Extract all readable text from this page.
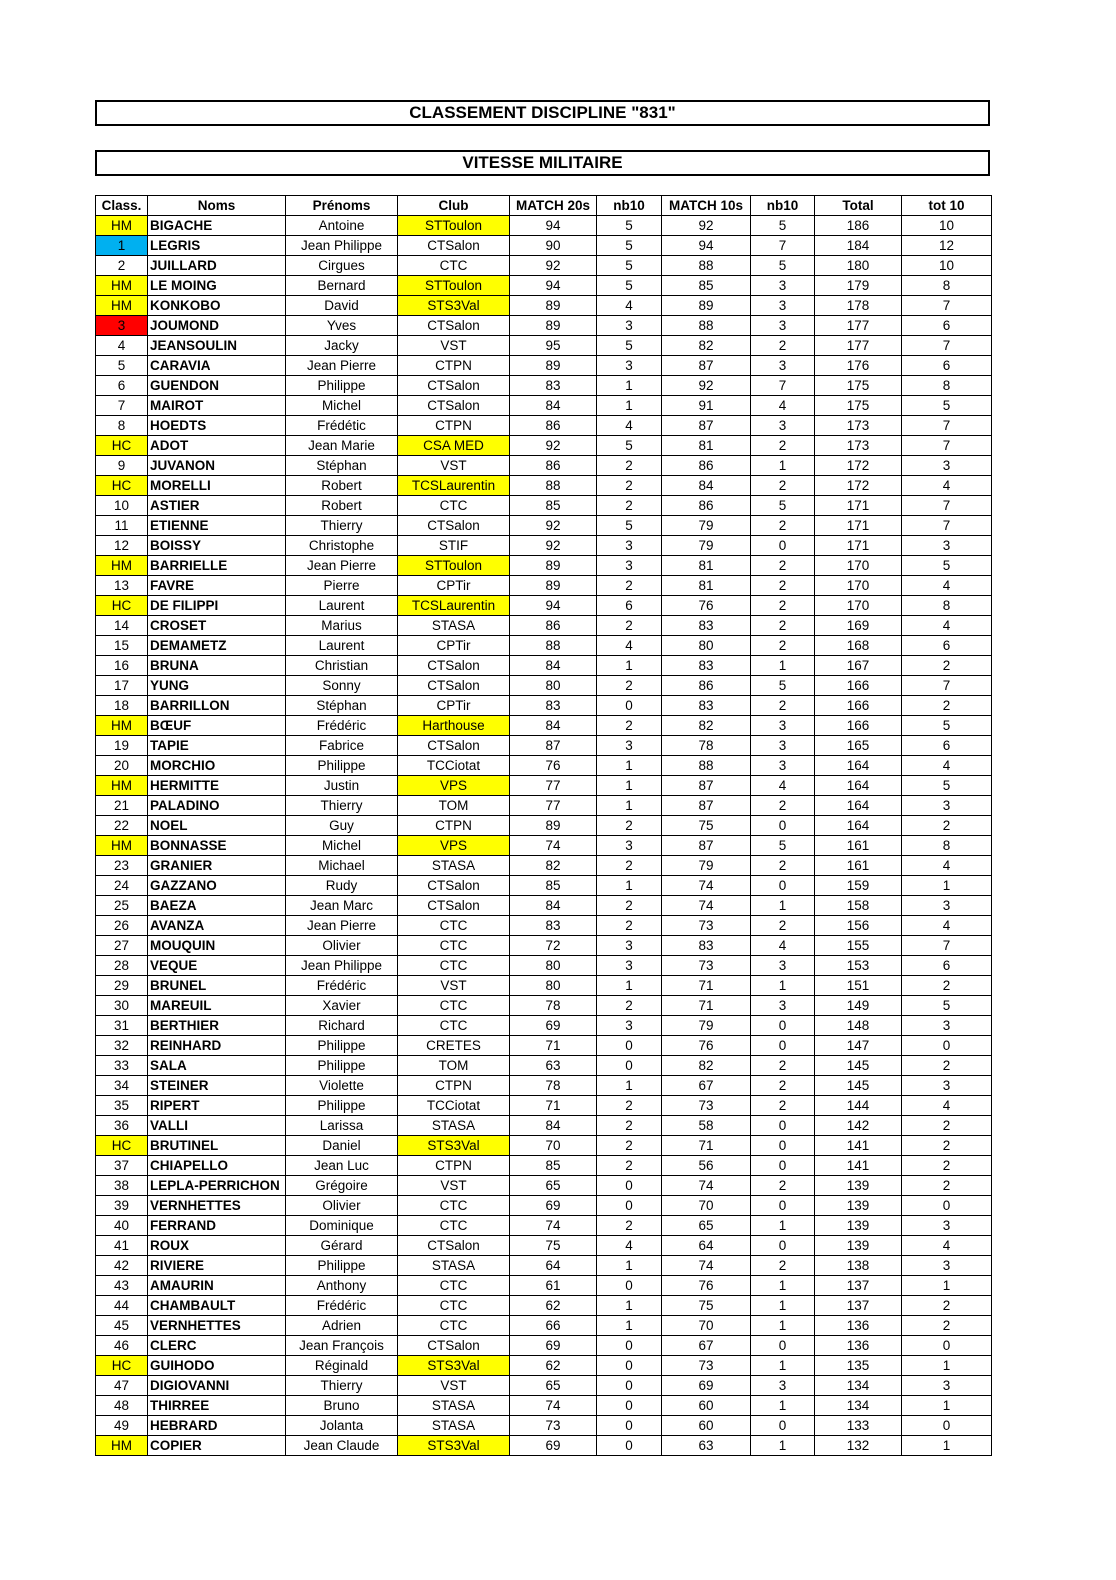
CLASSEMENT DISCIPLINE "831"
VITESSE MILITAIRE
Class.	Noms	Prénoms	Club	MATCH 20s	nb10	MATCH 10s	nb10	Total	tot 10
HM	BIGACHE	Antoine	STToulon	94	5	92	5	186	10
1	LEGRIS	Jean Philippe	CTSalon	90	5	94	7	184	12
2	JUILLARD	Cirgues	CTC	92	5	88	5	180	10
HM	LE MOING	Bernard	STToulon	94	5	85	3	179	8
HM	KONKOBO	David	STS3Val	89	4	89	3	178	7
3	JOUMOND	Yves	CTSalon	89	3	88	3	177	6
4	JEANSOULIN	Jacky	VST	95	5	82	2	177	7
5	CARAVIA	Jean Pierre	CTPN	89	3	87	3	176	6
6	GUENDON	Philippe	CTSalon	83	1	92	7	175	8
7	MAIROT	Michel	CTSalon	84	1	91	4	175	5
8	HOEDTS	Frédétic	CTPN	86	4	87	3	173	7
HC	ADOT	Jean Marie	CSA MED	92	5	81	2	173	7
9	JUVANON	Stéphan	VST	86	2	86	1	172	3
HC	MORELLI	Robert	TCSLaurentin	88	2	84	2	172	4
10	ASTIER	Robert	CTC	85	2	86	5	171	7
11	ETIENNE	Thierry	CTSalon	92	5	79	2	171	7
12	BOISSY	Christophe	STIF	92	3	79	0	171	3
HM	BARRIELLE	Jean Pierre	STToulon	89	3	81	2	170	5
13	FAVRE	Pierre	CPTir	89	2	81	2	170	4
HC	DE FILIPPI	Laurent	TCSLaurentin	94	6	76	2	170	8
14	CROSET	Marius	STASA	86	2	83	2	169	4
15	DEMAMETZ	Laurent	CPTir	88	4	80	2	168	6
16	BRUNA	Christian	CTSalon	84	1	83	1	167	2
17	YUNG	Sonny	CTSalon	80	2	86	5	166	7
18	BARRILLON	Stéphan	CPTir	83	0	83	2	166	2
HM	BŒUF	Frédéric	Harthouse	84	2	82	3	166	5
19	TAPIE	Fabrice	CTSalon	87	3	78	3	165	6
20	MORCHIO	Philippe	TCCiotat	76	1	88	3	164	4
HM	HERMITTE	Justin	VPS	77	1	87	4	164	5
21	PALADINO	Thierry	TOM	77	1	87	2	164	3
22	NOEL	Guy	CTPN	89	2	75	0	164	2
HM	BONNASSE	Michel	VPS	74	3	87	5	161	8
23	GRANIER	Michael	STASA	82	2	79	2	161	4
24	GAZZANO	Rudy	CTSalon	85	1	74	0	159	1
25	BAEZA	Jean Marc	CTSalon	84	2	74	1	158	3
26	AVANZA	Jean Pierre	CTC	83	2	73	2	156	4
27	MOUQUIN	Olivier	CTC	72	3	83	4	155	7
28	VEQUE	Jean Philippe	CTC	80	3	73	3	153	6
29	BRUNEL	Frédéric	VST	80	1	71	1	151	2
30	MAREUIL	Xavier	CTC	78	2	71	3	149	5
31	BERTHIER	Richard	CTC	69	3	79	0	148	3
32	REINHARD	Philippe	CRETES	71	0	76	0	147	0
33	SALA	Philippe	TOM	63	0	82	2	145	2
34	STEINER	Violette	CTPN	78	1	67	2	145	3
35	RIPERT	Philippe	TCCiotat	71	2	73	2	144	4
36	VALLI	Larissa	STASA	84	2	58	0	142	2
HC	BRUTINEL	Daniel	STS3Val	70	2	71	0	141	2
37	CHIAPELLO	Jean Luc	CTPN	85	2	56	0	141	2
38	LEPLA-PERRICHON	Grégoire	VST	65	0	74	2	139	2
39	VERNHETTES	Olivier	CTC	69	0	70	0	139	0
40	FERRAND	Dominique	CTC	74	2	65	1	139	3
41	ROUX	Gérard	CTSalon	75	4	64	0	139	4
42	RIVIERE	Philippe	STASA	64	1	74	2	138	3
43	AMAURIN	Anthony	CTC	61	0	76	1	137	1
44	CHAMBAULT	Frédéric	CTC	62	1	75	1	137	2
45	VERNHETTES	Adrien	CTC	66	1	70	1	136	2
46	CLERC	Jean François	CTSalon	69	0	67	0	136	0
HC	GUIHODO	Réginald	STS3Val	62	0	73	1	135	1
47	DIGIOVANNI	Thierry	VST	65	0	69	3	134	3
48	THIRREE	Bruno	STASA	74	0	60	1	134	1
49	HEBRARD	Jolanta	STASA	73	0	60	0	133	0
HM	COPIER	Jean Claude	STS3Val	69	0	63	1	132	1
